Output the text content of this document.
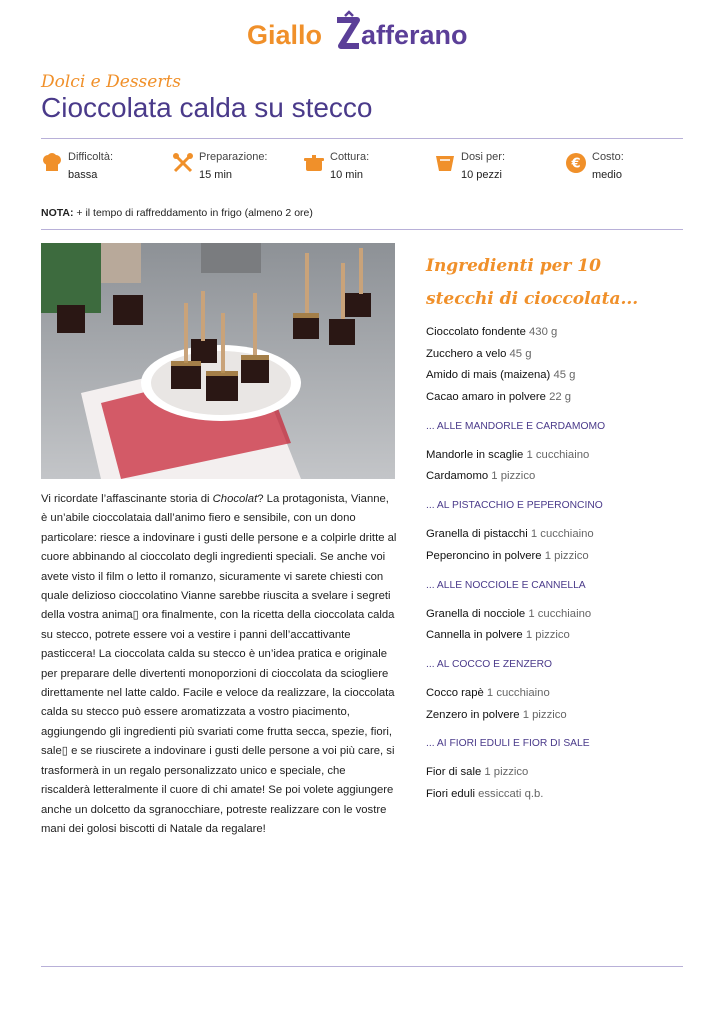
Giallo afferano
Dolci e Desserts
Cioccolata calda su stecco
Difficoltà:
bassa
Preparazione:
15 min
Cottura:
10 min
Dosi per:
10 pezzi
€ Costo:
medio
NOTA: + il tempo di raffreddamento in frigo (almeno 2 ore)

Vi ricordate l’affascinante storia di Chocolat? La protagonista, Vianne, è un’abile cioccolataia dall’animo fiero e sensibile, con un dono particolare: riesce a indovinare i gusti delle persone e a colpirle dritte al cuore abbinando al cioccolato degli ingredienti speciali. Se anche voi avete visto il film o letto il romanzo, sicuramente vi sarete chiesti con quale delizioso cioccolatino Vianne sarebbe riuscita a svelare i segreti della vostra anima▯ ora finalmente, con la ricetta della cioccolata calda su stecco, potrete essere voi a vestire i panni dell’accattivante pasticcera! La cioccolata calda su stecco è un’idea pratica e originale per preparare delle divertenti monoporzioni di cioccolata da sciogliere direttamente nel latte caldo. Facile e veloce da realizzare, la cioccolata calda su stecco può essere aromatizzata a vostro piacimento, aggiungendo gli ingredienti più svariati come frutta secca, spezie, fiori, sale▯ e se riuscirete a indovinare i gusti delle persone a voi più care, si trasformerà in un regalo personalizzato unico e speciale, che riscalderà letteralmente il cuore di chi amate! Se poi volete aggiungere anche un dolcetto da sgranocchiare, potreste realizzare con le vostre mani dei golosi biscotti di Natale da regalare!

Ingredienti per 10 stecchi di cioccolata...
Cioccolato fondente 430 g
Zucchero a velo 45 g
Amido di mais (maizena) 45 g
Cacao amaro in polvere 22 g
... ALLE MANDORLE E CARDAMOMO
Mandorle in scaglie 1 cucchiaino
Cardamomo 1 pizzico
... AL PISTACCHIO E PEPERONCINO
Granella di pistacchi 1 cucchiaino
Peperoncino in polvere 1 pizzico
... ALLE NOCCIOLE E CANNELLA
Granella di nocciole 1 cucchiaino
Cannella in polvere 1 pizzico
... AL COCCO E ZENZERO
Cocco rapè 1 cucchiaino
Zenzero in polvere 1 pizzico
... AI FIORI EDULI E FIOR DI SALE
Fior di sale 1 pizzico
Fiori eduli essiccati q.b.
